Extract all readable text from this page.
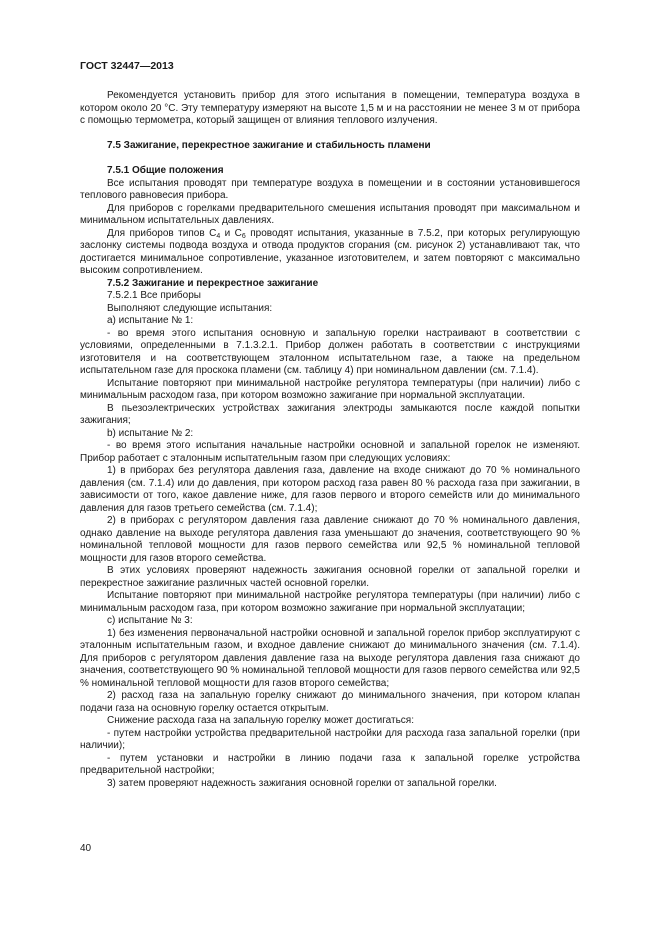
ГОСТ 32447—2013

Рекомендуется установить прибор для этого испытания в помещении, температура воздуха в котором около 20 °С. Эту температуру измеряют на высоте 1,5 м и на расстоянии не менее 3 м от прибора с помощью термометра, который защищен от влияния теплового излучения.

7.5 Зажигание, перекрестное зажигание и стабильность пламени

7.5.1 Общие положения

Все испытания проводят при температуре воздуха в помещении и в состоянии установившегося теплового равновесия прибора.

Для приборов с горелками предварительного смешения испытания проводят при максимальном и минимальном испытательных давлениях.

Для приборов типов $C_4$ и $C_6$ проводят испытания, указанные в 7.5.2, при которых регулирующую заслонку системы подвода воздуха и отвода продуктов сгорания (см. рисунок 2) устанавливают так, что достигается минимальное сопротивление, указанное изготовителем, и затем повторяют с максимально высоким сопротивлением.

7.5.2 Зажигание и перекрестное зажигание

7.5.2.1 Все приборы

Выполняют следующие испытания:

а) испытание № 1:

- во время этого испытания основную и запальную горелки настраивают в соответствии с условиями, определенными в 7.1.3.2.1. Прибор должен работать в соответствии с инструкциями изготовителя и на соответствующем эталонном испытательном газе, а также на предельном испытательном газе для проскока пламени (см. таблицу 4) при номинальном давлении (см. 7.1.4).

Испытание повторяют при минимальной настройке регулятора температуры (при наличии) либо с минимальным расходом газа, при котором возможно зажигание при нормальной эксплуатации.

В пьезоэлектрических устройствах зажигания электроды замыкаются после каждой попытки зажигания;

b) испытание № 2:

- во время этого испытания начальные настройки основной и запальной горелок не изменяют. Прибор работает с эталонным испытательным газом при следующих условиях:

1) в приборах без регулятора давления газа, давление на входе снижают до 70 % номинального давления (см. 7.1.4) или до давления, при котором расход газа равен 80 % расхода газа при зажигании, в зависимости от того, какое давление ниже, для газов первого и второго семейств или до минимального давления для газов третьего семейства (см. 7.1.4);

2) в приборах с регулятором давления газа давление снижают до 70 % номинального давления, однако давление на выходе регулятора давления газа уменьшают до значения, соответствующего 90 % номинальной тепловой мощности для газов первого семейства или 92,5 % номинальной тепловой мощности для газов второго семейства.

В этих условиях проверяют надежность зажигания основной горелки от запальной горелки и перекрестное зажигание различных частей основной горелки.

Испытание повторяют при минимальной настройке регулятора температуры (при наличии) либо с минимальным расходом газа, при котором возможно зажигание при нормальной эксплуатации;

c) испытание № 3:

1) без изменения первоначальной настройки основной и запальной горелок прибор эксплуатируют с эталонным испытательным газом, и входное давление снижают до минимального значения (см. 7.1.4). Для приборов с регулятором давления давление газа на выходе регулятора давления газа снижают до значения, соответствующего 90 % номинальной тепловой мощности для газов первого семейства или 92,5 % номинальной тепловой мощности для газов второго семейства;

2) расход газа на запальную горелку снижают до минимального значения, при котором клапан подачи газа на основную горелку остается открытым.

Снижение расхода газа на запальную горелку может достигаться:

- путем настройки устройства предварительной настройки для расхода газа запальной горелки (при наличии);

- путем установки и настройки в линию подачи газа к запальной горелке устройства предварительной настройки;

3) затем проверяют надежность зажигания основной горелки от запальной горелки.

40
